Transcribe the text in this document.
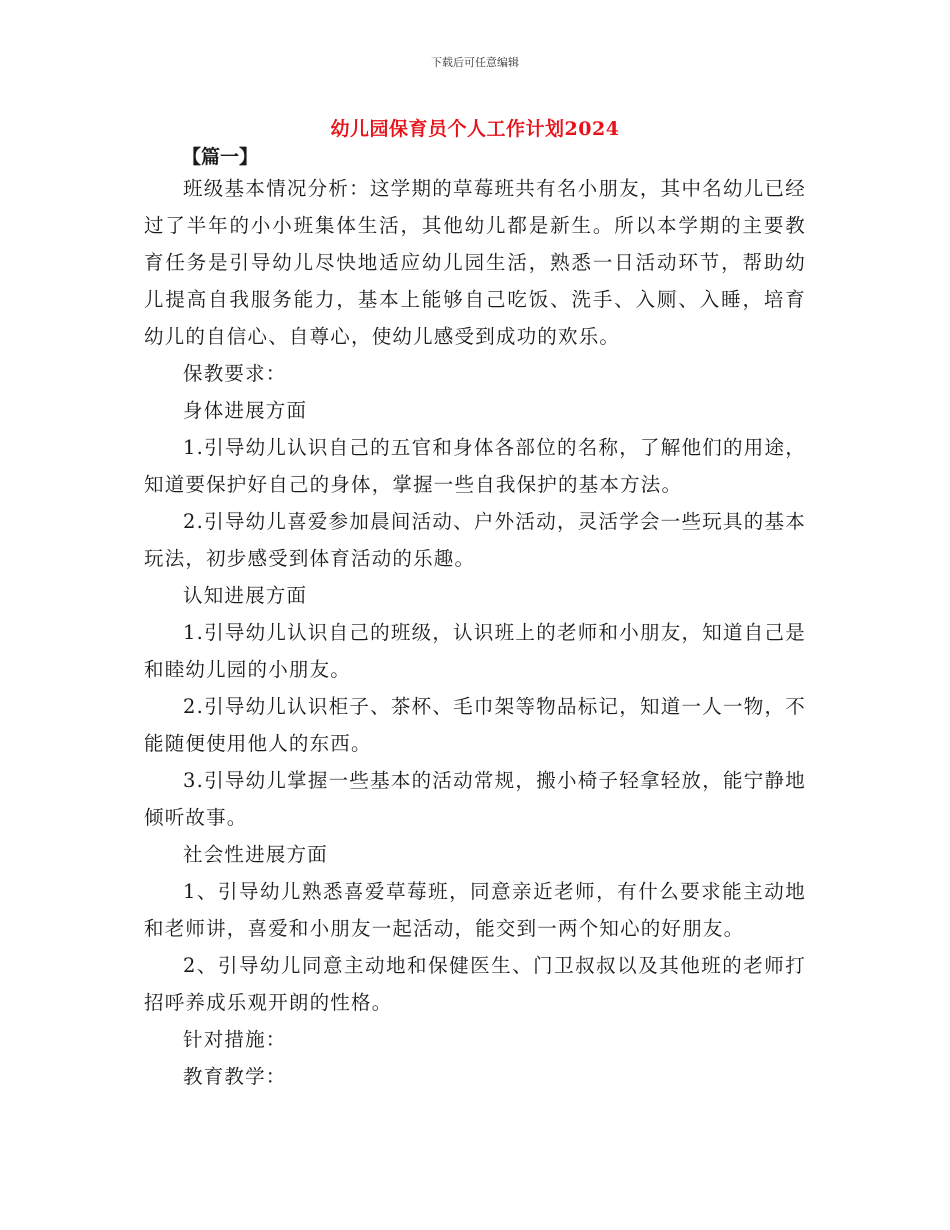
下载后可任意编辑
幼儿园保育员个人工作计划2024
【篇一】

班级基本情况分析：这学期的草莓班共有名小朋友，其中名幼儿已经过了半年的小小班集体生活，其他幼儿都是新生。所以本学期的主要教育任务是引导幼儿尽快地适应幼儿园生活，熟悉一日活动环节，帮助幼儿提高自我服务能力，基本上能够自己吃饭、洗手、入厕、入睡，培育幼儿的自信心、自尊心，使幼儿感受到成功的欢乐。

保教要求：

身体进展方面

1.引导幼儿认识自己的五官和身体各部位的名称，了解他们的用途，知道要保护好自己的身体，掌握一些自我保护的基本方法。

2.引导幼儿喜爱参加晨间活动、户外活动，灵活学会一些玩具的基本玩法，初步感受到体育活动的乐趣。

认知进展方面

1.引导幼儿认识自己的班级，认识班上的老师和小朋友，知道自己是和睦幼儿园的小朋友。

2.引导幼儿认识柜子、茶杯、毛巾架等物品标记，知道一人一物，不能随便使用他人的东西。

3.引导幼儿掌握一些基本的活动常规，搬小椅子轻拿轻放，能宁静地倾听故事。

社会性进展方面

1、引导幼儿熟悉喜爱草莓班，同意亲近老师，有什么要求能主动地和老师讲，喜爱和小朋友一起活动，能交到一两个知心的好朋友。

2、引导幼儿同意主动地和保健医生、门卫叔叔以及其他班的老师打招呼养成乐观开朗的性格。

针对措施：

教育教学：
